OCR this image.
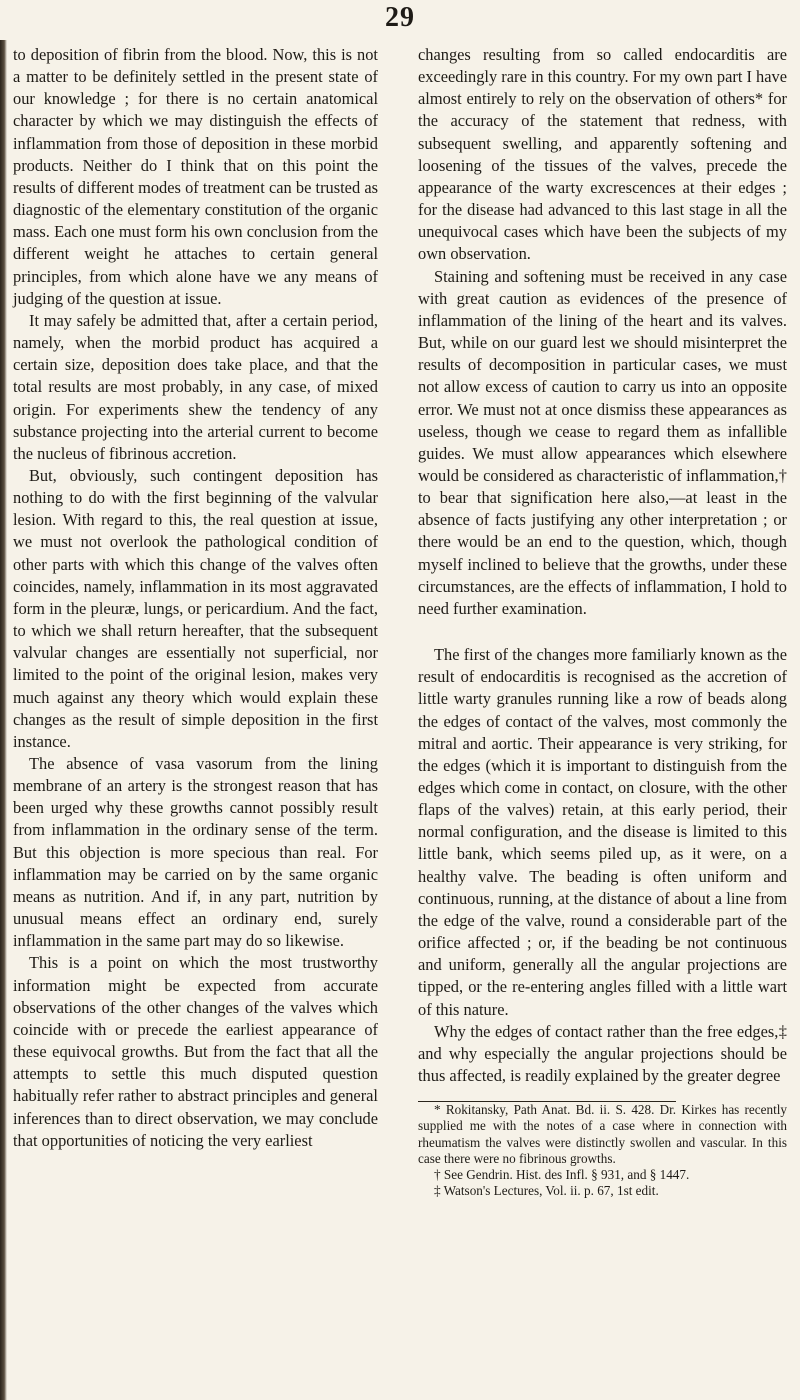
29

to deposition of fibrin from the blood. Now, this is not a matter to be definitely settled in the present state of our knowledge ; for there is no certain anatomical character by which we may distinguish the effects of inflammation from those of deposition in these morbid products. Neither do I think that on this point the results of different modes of treatment can be trusted as diagnostic of the elementary constitution of the organic mass. Each one must form his own conclusion from the different weight he attaches to certain general principles, from which alone have we any means of judging of the question at issue.

It may safely be admitted that, after a certain period, namely, when the morbid product has acquired a certain size, deposition does take place, and that the total results are most probably, in any case, of mixed origin. For experiments shew the tendency of any substance projecting into the arterial current to become the nucleus of fibrinous accretion.

But, obviously, such contingent deposition has nothing to do with the first beginning of the valvular lesion. With regard to this, the real question at issue, we must not overlook the pathological condition of other parts with which this change of the valves often coincides, namely, inflammation in its most aggravated form in the pleuræ, lungs, or pericardium. And the fact, to which we shall return hereafter, that the subsequent valvular changes are essentially not superficial, nor limited to the point of the original lesion, makes very much against any theory which would explain these changes as the result of simple deposition in the first instance.

The absence of vasa vasorum from the lining membrane of an artery is the strongest reason that has been urged why these growths cannot possibly result from inflammation in the ordinary sense of the term. But this objection is more specious than real. For inflammation may be carried on by the same organic means as nutrition. And if, in any part, nutrition by unusual means effect an ordinary end, surely inflammation in the same part may do so likewise.

This is a point on which the most trustworthy information might be expected from accurate observations of the other changes of the valves which coincide with or precede the earliest appearance of these equivocal growths. But from the fact that all the attempts to settle this much disputed question habitually refer rather to abstract principles and general inferences than to direct observation, we may conclude that opportunities of noticing the very earliest

changes resulting from so called endocarditis are exceedingly rare in this country. For my own part I have almost entirely to rely on the observation of others* for the accuracy of the statement that redness, with subsequent swelling, and apparently softening and loosening of the tissues of the valves, precede the appearance of the warty excrescences at their edges ; for the disease had advanced to this last stage in all the unequivocal cases which have been the subjects of my own observation.

Staining and softening must be received in any case with great caution as evidences of the presence of inflammation of the lining of the heart and its valves. But, while on our guard lest we should misinterpret the results of decomposition in particular cases, we must not allow excess of caution to carry us into an opposite error. We must not at once dismiss these appearances as useless, though we cease to regard them as infallible guides. We must allow appearances which elsewhere would be considered as characteristic of inflammation,† to bear that signification here also,—at least in the absence of facts justifying any other interpretation ; or there would be an end to the question, which, though myself inclined to believe that the growths, under these circumstances, are the effects of inflammation, I hold to need further examination.

The first of the changes more familiarly known as the result of endocarditis is recognised as the accretion of little warty granules running like a row of beads along the edges of contact of the valves, most commonly the mitral and aortic. Their appearance is very striking, for the edges (which it is important to distinguish from the edges which come in contact, on closure, with the other flaps of the valves) retain, at this early period, their normal configuration, and the disease is limited to this little bank, which seems piled up, as it were, on a healthy valve. The beading is often uniform and continuous, running, at the distance of about a line from the edge of the valve, round a considerable part of the orifice affected ; or, if the beading be not continuous and uniform, generally all the angular projections are tipped, or the re-entering angles filled with a little wart of this nature.

Why the edges of contact rather than the free edges,‡ and why especially the angular projections should be thus affected, is readily explained by the greater degree

* Rokitansky, Path Anat. Bd. ii. S. 428. Dr. Kirkes has recently supplied me with the notes of a case where in connection with rheumatism the valves were distinctly swollen and vascular. In this case there were no fibrinous growths.

† See Gendrin. Hist. des Infl. § 931, and § 1447.

‡ Watson's Lectures, Vol. ii. p. 67, 1st edit.
